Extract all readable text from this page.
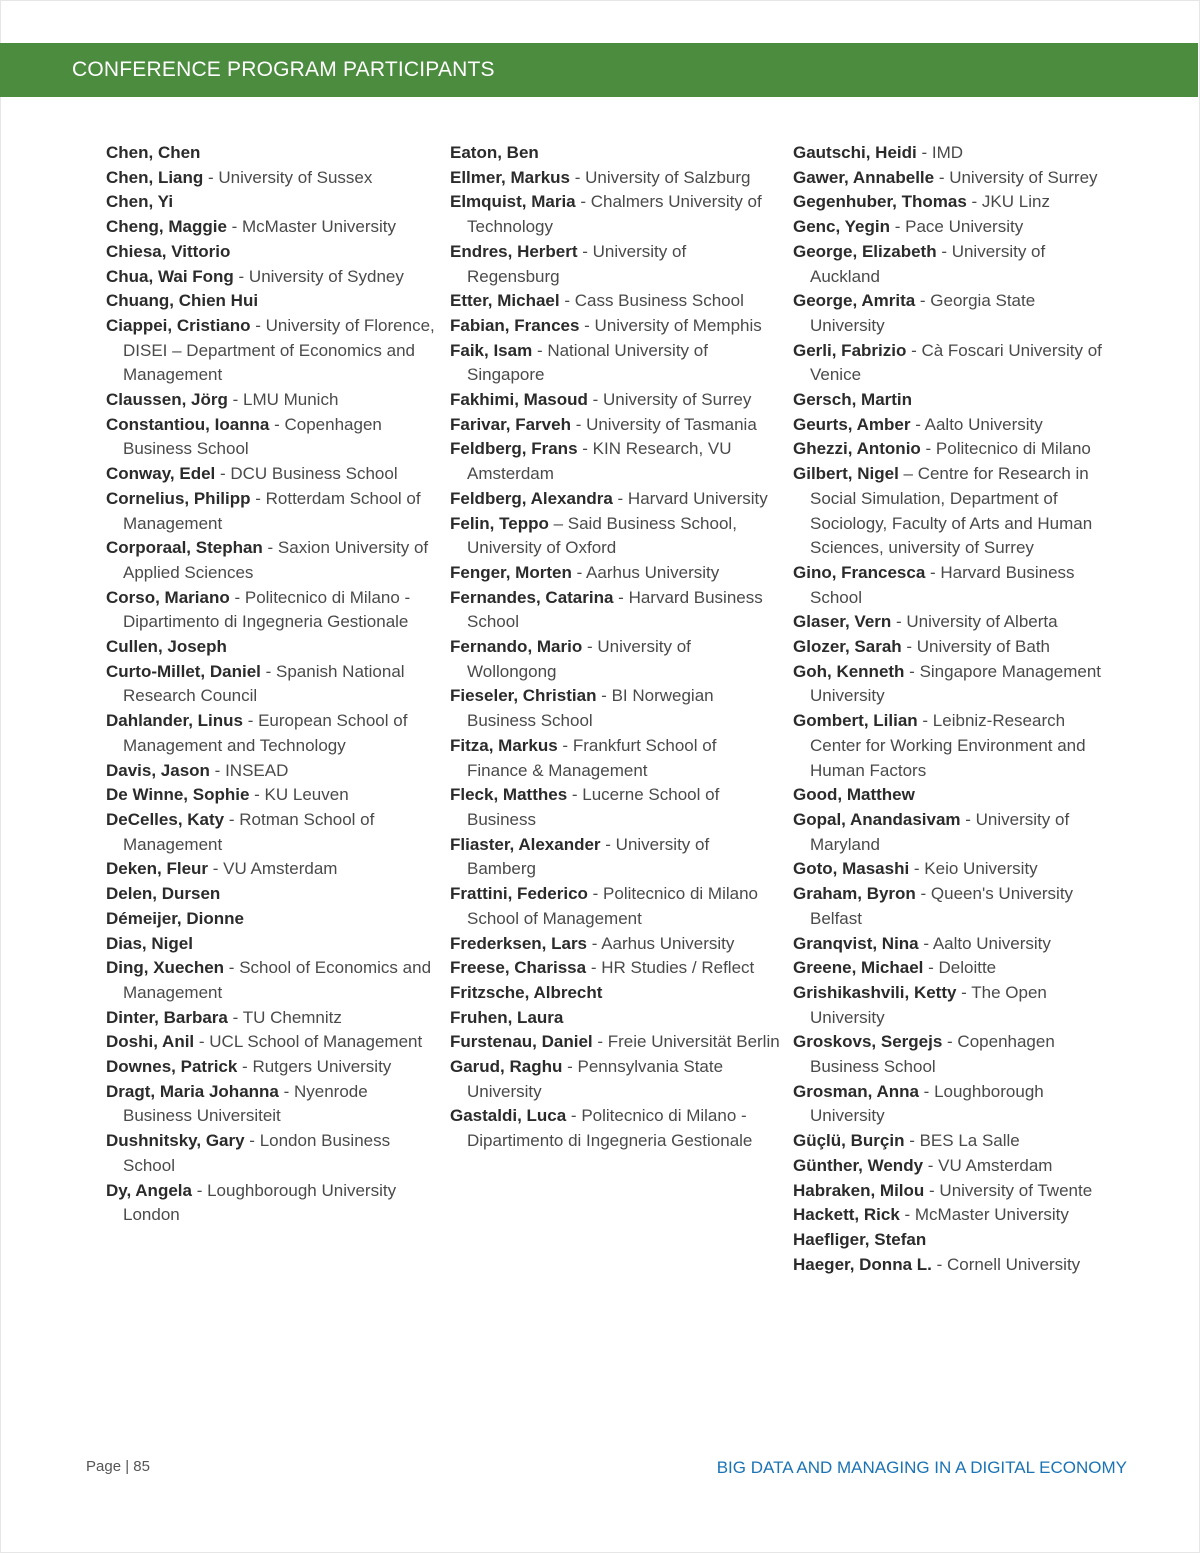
CONFERENCE PROGRAM PARTICIPANTS

Chen, Chen

Chen, Liang - University of Sussex

Chen, Yi

Cheng, Maggie - McMaster University

Chiesa, Vittorio

Chua, Wai Fong - University of Sydney

Chuang, Chien Hui

Ciappei, Cristiano - University of Florence, DISEI – Department of Economics and Management

Claussen, Jörg - LMU Munich

Constantiou, Ioanna - Copenhagen Business School

Conway, Edel - DCU Business School

Cornelius, Philipp - Rotterdam School of Management

Corporaal, Stephan - Saxion University of Applied Sciences

Corso, Mariano - Politecnico di Milano - Dipartimento di Ingegneria Gestionale

Cullen, Joseph

Curto-Millet, Daniel - Spanish National Research Council

Dahlander, Linus - European School of Management and Technology

Davis, Jason - INSEAD

De Winne, Sophie - KU Leuven

DeCelles, Katy - Rotman School of Management

Deken, Fleur - VU Amsterdam

Delen, Dursen

Démeijer, Dionne

Dias, Nigel

Ding, Xuechen - School of Economics and Management

Dinter, Barbara - TU Chemnitz

Doshi, Anil - UCL School of Management

Downes, Patrick - Rutgers University

Dragt, Maria Johanna - Nyenrode Business Universiteit

Dushnitsky, Gary - London Business School

Dy, Angela - Loughborough University London

Eaton, Ben

Ellmer, Markus - University of Salzburg

Elmquist, Maria - Chalmers University of Technology

Endres, Herbert - University of Regensburg

Etter, Michael - Cass Business School

Fabian, Frances - University of Memphis

Faik, Isam - National University of Singapore

Fakhimi, Masoud - University of Surrey

Farivar, Farveh - University of Tasmania

Feldberg, Frans - KIN Research, VU Amsterdam

Feldberg, Alexandra - Harvard University

Felin, Teppo – Said Business School, University of Oxford

Fenger, Morten - Aarhus University

Fernandes, Catarina - Harvard Business School

Fernando, Mario - University of Wollongong

Fieseler, Christian - BI Norwegian Business School

Fitza, Markus - Frankfurt School of Finance & Management

Fleck, Matthes - Lucerne School of Business

Fliaster, Alexander - University of Bamberg

Frattini, Federico - Politecnico di Milano School of Management

Frederksen, Lars - Aarhus University

Freese, Charissa - HR Studies / Reflect

Fritzsche, Albrecht

Fruhen, Laura

Furstenau, Daniel - Freie Universität Berlin

Garud, Raghu - Pennsylvania State University

Gastaldi, Luca - Politecnico di Milano - Dipartimento di Ingegneria Gestionale

Gautschi, Heidi - IMD

Gawer, Annabelle - University of Surrey

Gegenhuber, Thomas - JKU Linz

Genc, Yegin - Pace University

George, Elizabeth - University of Auckland

George, Amrita - Georgia State University

Gerli, Fabrizio - Cà Foscari University of Venice

Gersch, Martin

Geurts, Amber - Aalto University

Ghezzi, Antonio - Politecnico di Milano

Gilbert, Nigel – Centre for Research in Social Simulation, Department of Sociology, Faculty of Arts and Human Sciences, university of Surrey

Gino, Francesca - Harvard Business School

Glaser, Vern - University of Alberta

Glozer, Sarah - University of Bath

Goh, Kenneth - Singapore Management University

Gombert, Lilian - Leibniz-Research Center for Working Environment and Human Factors

Good, Matthew

Gopal, Anandasivam - University of Maryland

Goto, Masashi - Keio University

Graham, Byron - Queen's University Belfast

Granqvist, Nina - Aalto University

Greene, Michael - Deloitte

Grishikashvili, Ketty - The Open University

Groskovs, Sergejs - Copenhagen Business School

Grosman, Anna - Loughborough University

Güçlü, Burçin - BES La Salle

Günther, Wendy - VU Amsterdam

Habraken, Milou - University of Twente

Hackett, Rick - McMaster University

Haefliger, Stefan

Haeger, Donna L. - Cornell University

Page | 85	BIG DATA AND MANAGING IN A DIGITAL ECONOMY
